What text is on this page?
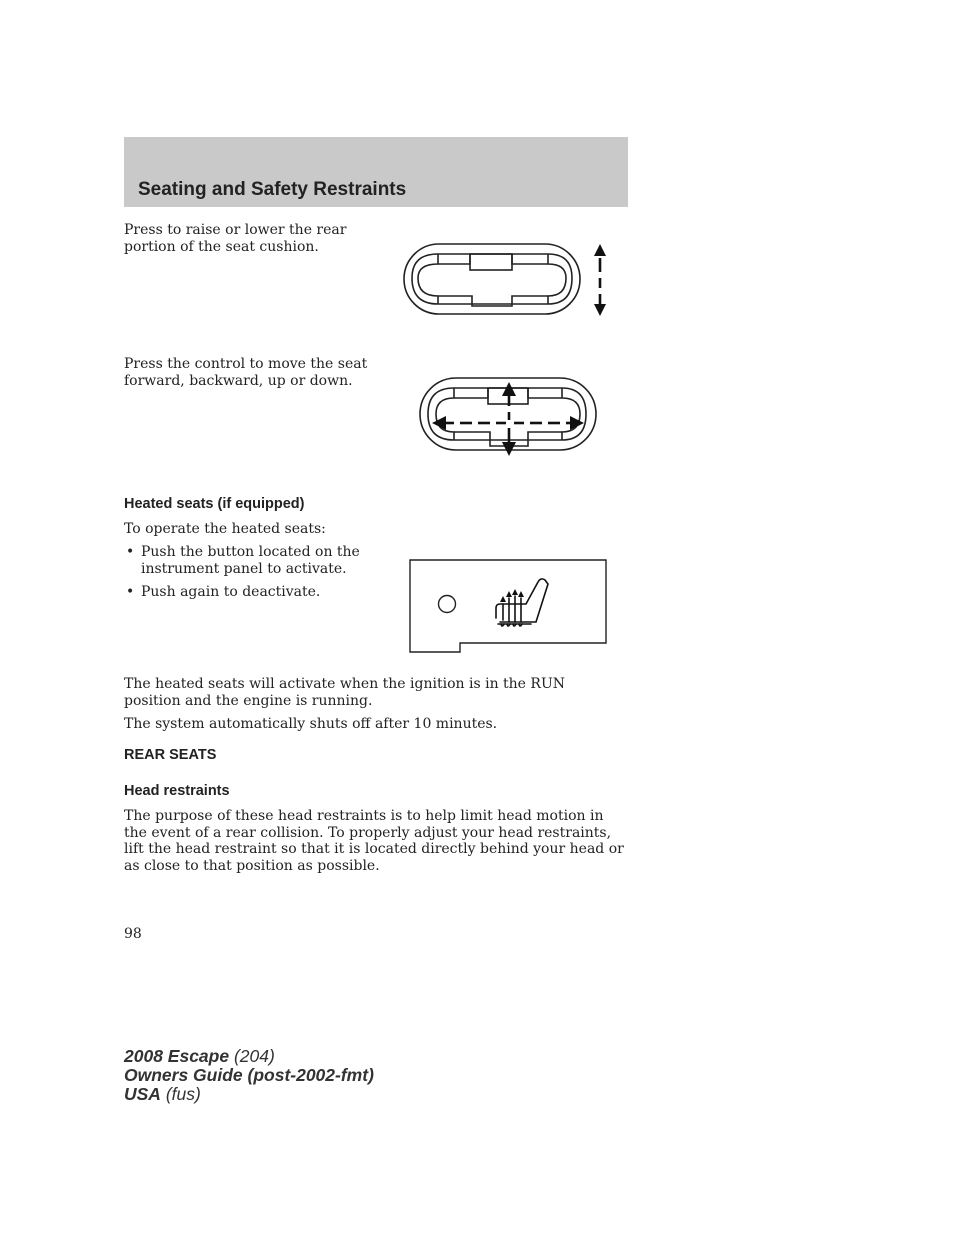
Seating and Safety Restraints

Press to raise or lower the rear portion of the seat cushion.

Press the control to move the seat forward, backward, up or down.

Heated seats (if equipped)

To operate the heated seats:

• Push the button located on the instrument panel to activate.
• Push again to deactivate.

The heated seats will activate when the ignition is in the RUN position and the engine is running.

The system automatically shuts off after 10 minutes.

REAR SEATS

Head restraints

The purpose of these head restraints is to help limit head motion in the event of a rear collision. To properly adjust your head restraints, lift the head restraint so that it is located directly behind your head or as close to that position as possible.

98

2008 Escape (204)
Owners Guide (post-2002-fmt)
USA (fus)
